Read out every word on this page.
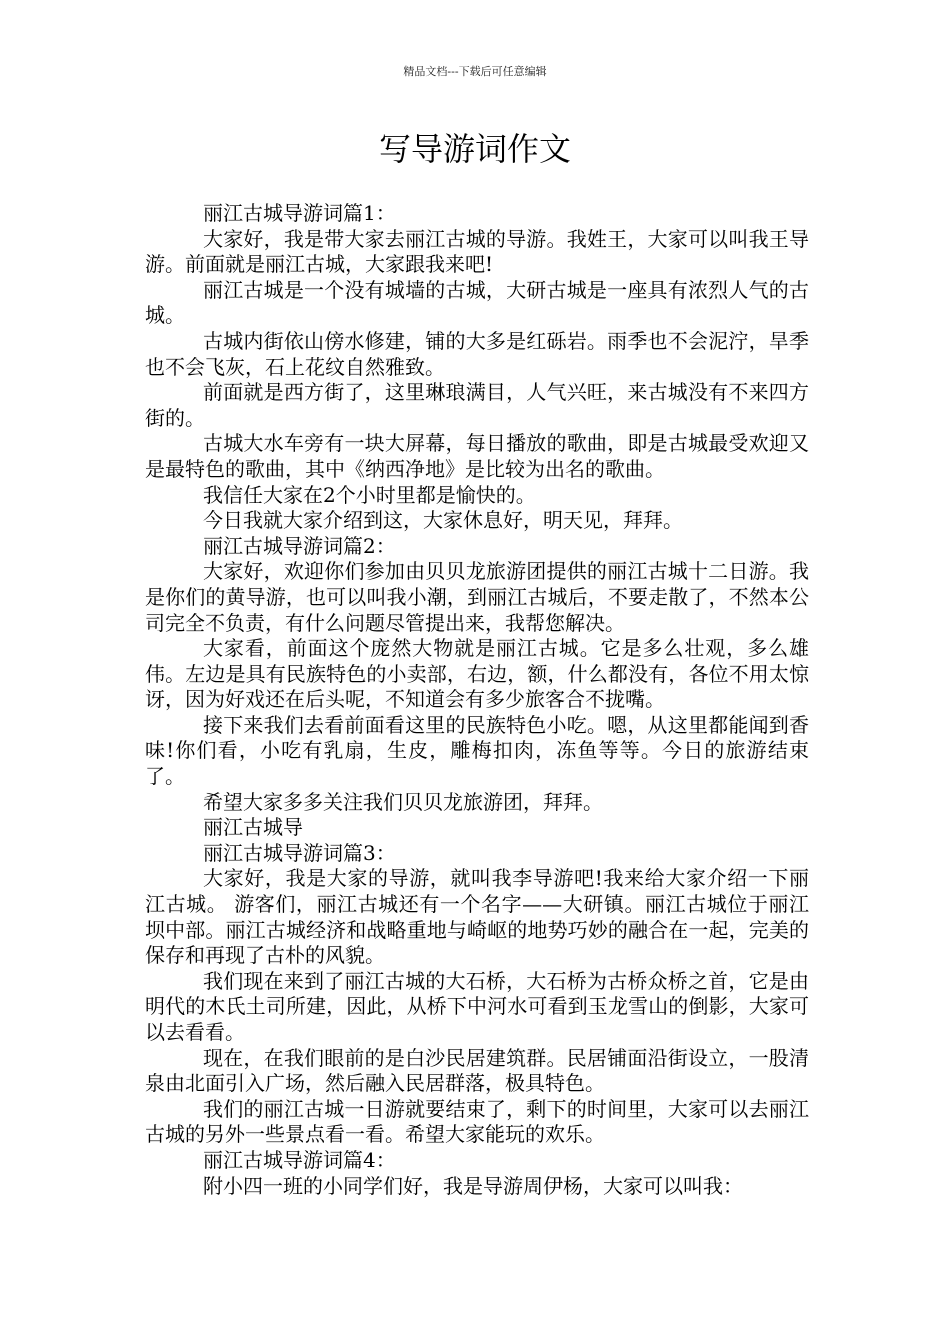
精品文档---下载后可任意编辑
写导游词作文

丽江古城导游词篇1：

大家好，我是带大家去丽江古城的导游。我姓王，大家可以叫我王导游。前面就是丽江古城，大家跟我来吧!

丽江古城是一个没有城墙的古城，大研古城是一座具有浓烈人气的古城。

古城内街依山傍水修建，铺的大多是红砾岩。雨季也不会泥泞，旱季也不会飞灰，石上花纹自然雅致。

前面就是西方街了，这里琳琅满目，人气兴旺，来古城没有不来四方街的。

古城大水车旁有一块大屏幕，每日播放的歌曲，即是古城最受欢迎又是最特色的歌曲，其中《纳西净地》是比较为出名的歌曲。

我信任大家在2个小时里都是愉快的。

今日我就大家介绍到这，大家休息好，明天见，拜拜。

丽江古城导游词篇2：

大家好，欢迎你们参加由贝贝龙旅游团提供的丽江古城十二日游。我是你们的黄导游，也可以叫我小潮，到丽江古城后，不要走散了，不然本公司完全不负责，有什么问题尽管提出来，我帮您解决。

大家看，前面这个庞然大物就是丽江古城。它是多么壮观，多么雄伟。左边是具有民族特色的小卖部，右边，额，什么都没有，各位不用太惊讶，因为好戏还在后头呢，不知道会有多少旅客合不拢嘴。

接下来我们去看前面看这里的民族特色小吃。嗯，从这里都能闻到香味!你们看，小吃有乳扇，生皮，雕梅扣肉，冻鱼等等。今日的旅游结束了。

希望大家多多关注我们贝贝龙旅游团，拜拜。

丽江古城导

丽江古城导游词篇3：

大家好，我是大家的导游，就叫我李导游吧!我来给大家介绍一下丽江古城。 游客们，丽江古城还有一个名字——大研镇。丽江古城位于丽江坝中部。丽江古城经济和战略重地与崎岖的地势巧妙的融合在一起，完美的保存和再现了古朴的风貌。

我们现在来到了丽江古城的大石桥，大石桥为古桥众桥之首，它是由明代的木氏土司所建，因此，从桥下中河水可看到玉龙雪山的倒影，大家可以去看看。

现在，在我们眼前的是白沙民居建筑群。民居铺面沿街设立，一股清泉由北面引入广场，然后融入民居群落，极具特色。

我们的丽江古城一日游就要结束了，剩下的时间里，大家可以去丽江古城的另外一些景点看一看。希望大家能玩的欢乐。

丽江古城导游词篇4：

附小四一班的小同学们好，我是导游周伊杨，大家可以叫我：
